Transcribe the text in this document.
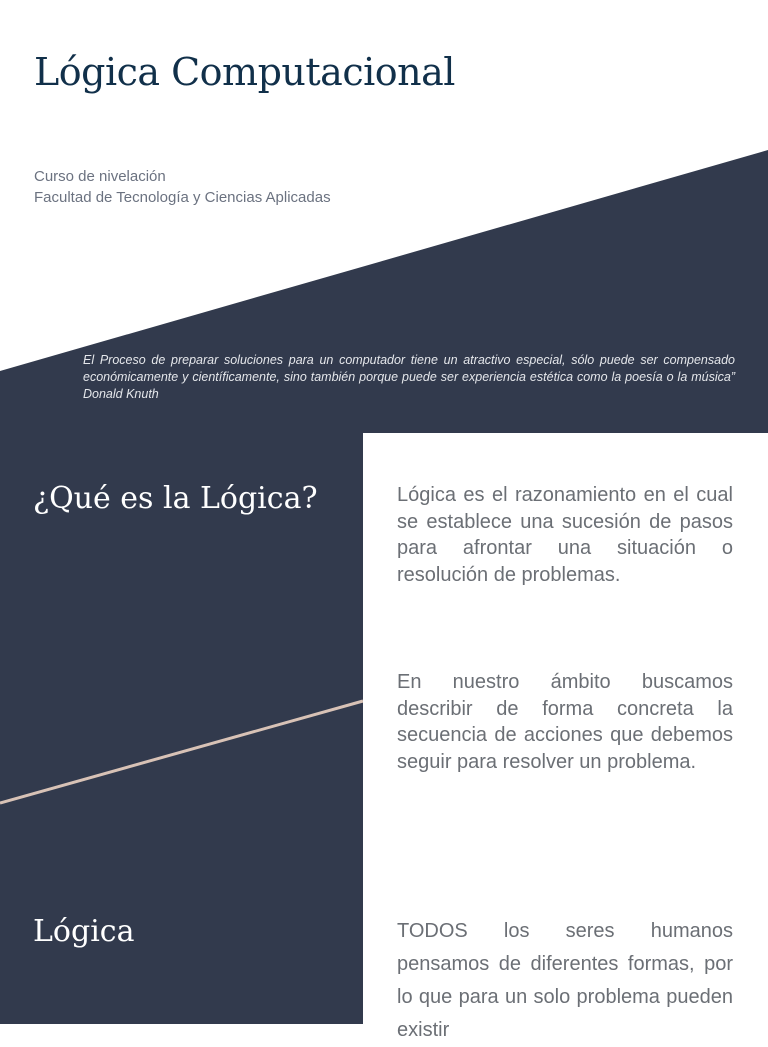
Lógica Computacional
Curso de nivelación
Facultad de Tecnología y Ciencias Aplicadas
El Proceso de preparar soluciones para un computador tiene un atractivo especial, sólo puede ser compensado económicamente y científicamente, sino también porque puede ser experiencia estética como la poesía o la música” Donald Knuth
¿Qué es la Lógica?	Lógica es el razonamiento en el cual se establece una sucesión de pasos para afrontar una situación o resolución de problemas.

En nuestro ámbito buscamos describir de forma concreta la secuencia de acciones que debemos seguir para resolver un problema.

Lógica	TODOS los seres humanos pensamos de diferentes formas, por lo que para un solo problema pueden existir
